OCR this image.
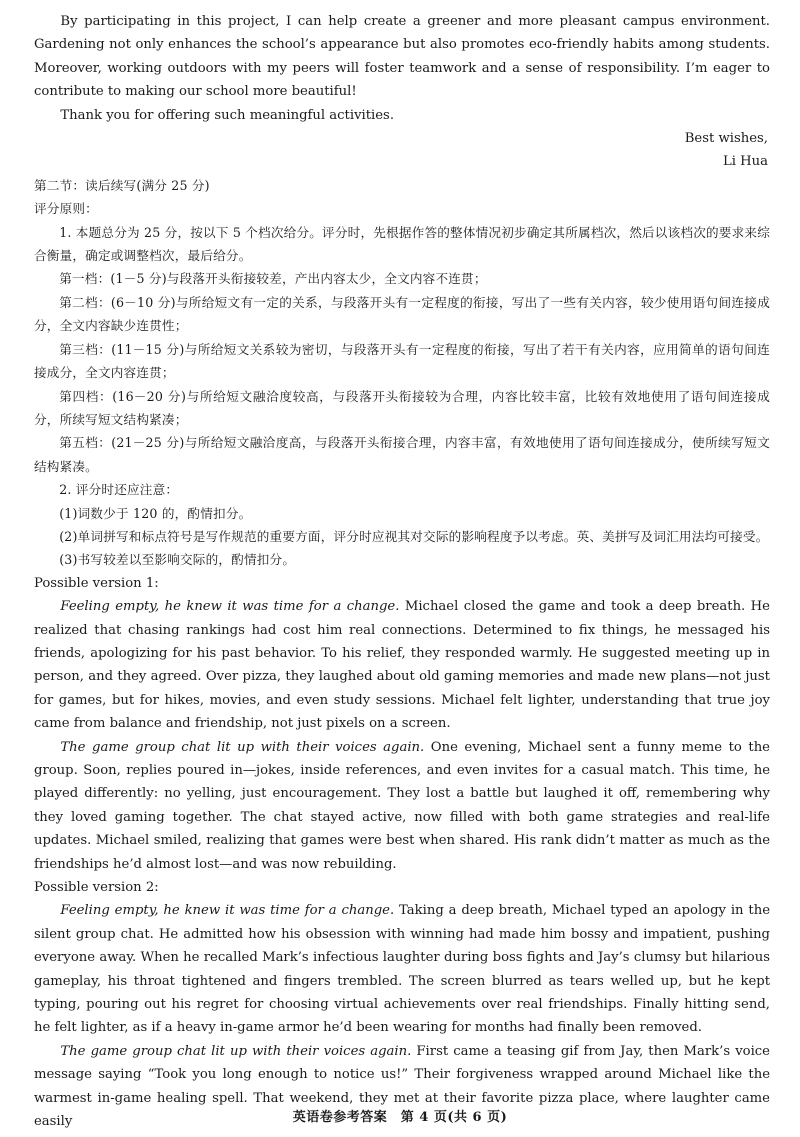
By participating in this project, I can help create a greener and more pleasant campus environment. Gardening not only enhances the school’s appearance but also promotes eco-friendly habits among students. Moreover, working outdoors with my peers will foster teamwork and a sense of responsibility. I’m eager to contribute to making our school more beautiful!

Thank you for offering such meaningful activities.

Best wishes,

Li Hua

第二节：读后续写(满分 25 分)

评分原则：

1. 本题总分为 25 分，按以下 5 个档次给分。评分时，先根据作答的整体情况初步确定其所属档次，然后以该档次的要求来综合衡量，确定或调整档次，最后给分。

第一档：(1－5 分)与段落开头衔接较差，产出内容太少，全文内容不连贯；

第二档：(6－10 分)与所给短文有一定的关系，与段落开头有一定程度的衔接，写出了一些有关内容，较少使用语句间连接成分，全文内容缺少连贯性；

第三档：(11－15 分)与所给短文关系较为密切，与段落开头有一定程度的衔接，写出了若干有关内容，应用简单的语句间连接成分，全文内容连贯；

第四档：(16－20 分)与所给短文融洽度较高，与段落开头衔接较为合理，内容比较丰富，比较有效地使用了语句间连接成分，所续写短文结构紧凑；

第五档：(21－25 分)与所给短文融洽度高，与段落开头衔接合理，内容丰富，有效地使用了语句间连接成分，使所续写短文结构紧凑。

2. 评分时还应注意：

(1)词数少于 120 的，酌情扣分。

(2)单词拼写和标点符号是写作规范的重要方面，评分时应视其对交际的影响程度予以考虑。英、美拼写及词汇用法均可接受。

(3)书写较差以至影响交际的，酌情扣分。

Possible version 1:

Feeling empty, he knew it was time for a change. Michael closed the game and took a deep breath. He realized that chasing rankings had cost him real connections. Determined to fix things, he messaged his friends, apologizing for his past behavior. To his relief, they responded warmly. He suggested meeting up in person, and they agreed. Over pizza, they laughed about old gaming memories and made new plans—not just for games, but for hikes, movies, and even study sessions. Michael felt lighter, understanding that true joy came from balance and friendship, not just pixels on a screen.

The game group chat lit up with their voices again. One evening, Michael sent a funny meme to the group. Soon, replies poured in—jokes, inside references, and even invites for a casual match. This time, he played differently: no yelling, just encouragement. They lost a battle but laughed it off, remembering why they loved gaming together. The chat stayed active, now filled with both game strategies and real-life updates. Michael smiled, realizing that games were best when shared. His rank didn’t matter as much as the friendships he’d almost lost—and was now rebuilding.

Possible version 2:

Feeling empty, he knew it was time for a change. Taking a deep breath, Michael typed an apology in the silent group chat. He admitted how his obsession with winning had made him bossy and impatient, pushing everyone away. When he recalled Mark’s infectious laughter during boss fights and Jay’s clumsy but hilarious gameplay, his throat tightened and fingers trembled. The screen blurred as tears welled up, but he kept typing, pouring out his regret for choosing virtual achievements over real friendships. Finally hitting send, he felt lighter, as if a heavy in-game armor he’d been wearing for months had finally been removed.

The game group chat lit up with their voices again. First came a teasing gif from Jay, then Mark’s voice message saying “Took you long enough to notice us!” Their forgiveness wrapped around Michael like the warmest in-game healing spell. That weekend, they met at their favorite pizza place, where laughter came easily	英语卷参考答案　第 4 页(共 6 页)
